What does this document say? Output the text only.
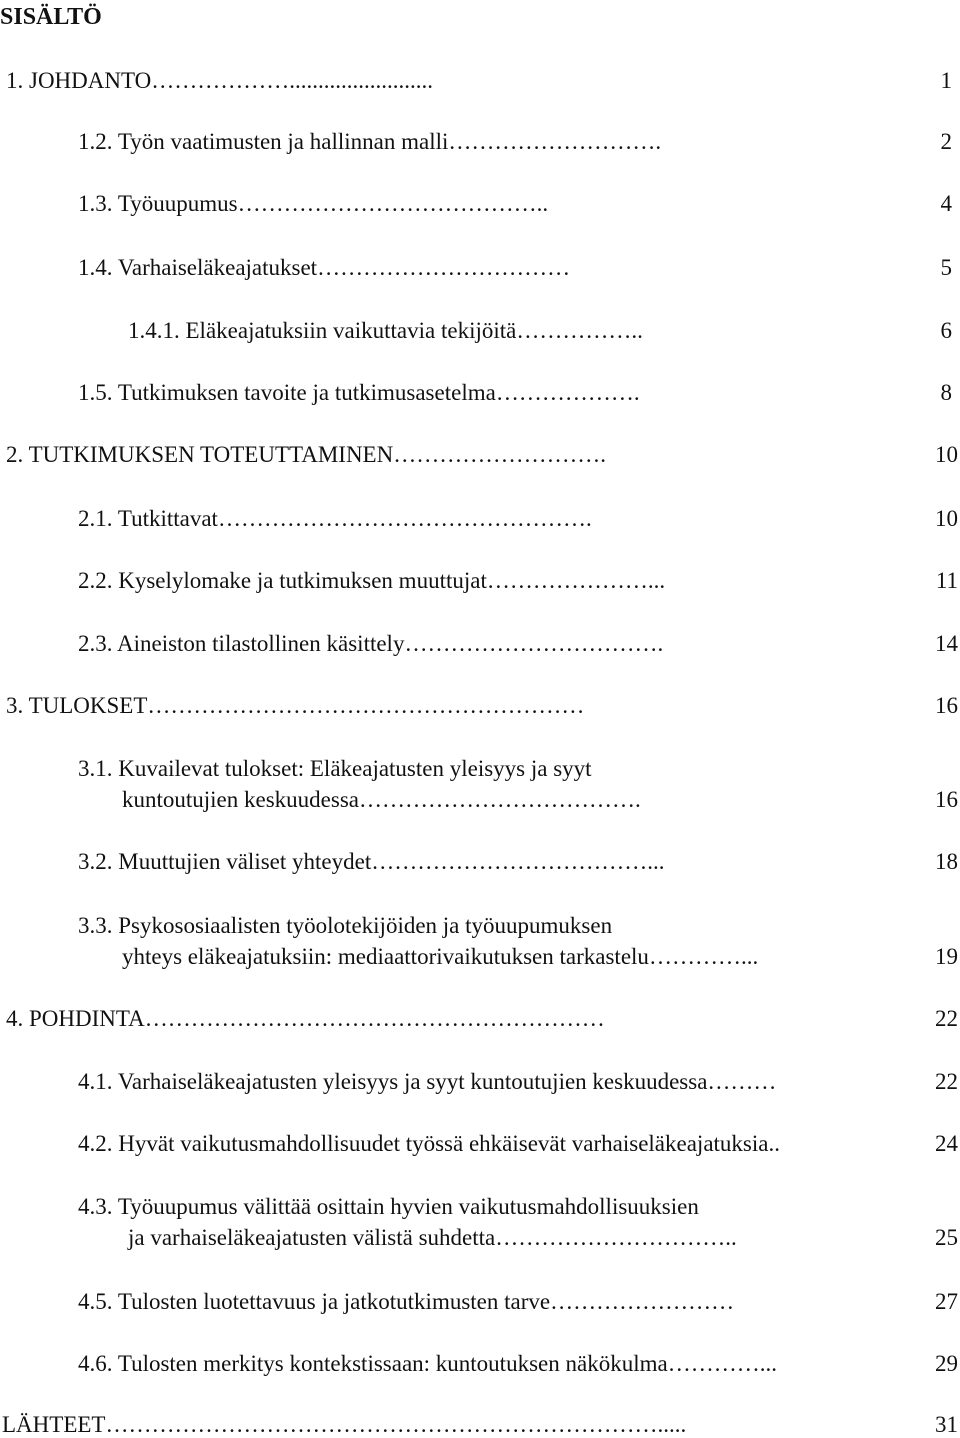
SISÄLTÖ
1. JOHDANTO……………….........................	1
1.2. Työn vaatimusten ja hallinnan malli……………………….	2
1.3. Työuupumus…………………………………..	4
1.4. Varhaiseläkeajatukset……………………………	5
1.4.1. Eläkeajatuksiin vaikuttavia tekijöitä……………..	6
1.5. Tutkimuksen tavoite ja tutkimusasetelma……………….	8
2. TUTKIMUKSEN TOTEUTTAMINEN……………………….	10
2.1. Tutkittavat………………………………………….	10
2.2. Kyselylomake ja tutkimuksen muuttujat…………………...	11
2.3. Aineiston tilastollinen käsittely…………………………….	14
3. TULOKSET…………………………………………………	16
3.1. Kuvailevat tulokset: Eläkeajatusten yleisyys ja syyt
kuntoutujien keskuudessa……………………………….	16
3.2. Muuttujien väliset yhteydet………………………………...	18
3.3. Psykososiaalisten työolotekijöiden ja työuupumuksen
yhteys eläkeajatuksiin: mediaattorivaikutuksen tarkastelu…………...	19
4. POHDINTA……………………………………………………	22
4.1. Varhaiseläkeajatusten yleisyys ja syyt kuntoutujien keskuudessa………	22
4.2. Hyvät vaikutusmahdollisuudet työssä ehkäisevät varhaiseläkeajatuksia..	24
4.3. Työuupumus välittää osittain hyvien vaikutusmahdollisuuksien
ja varhaiseläkeajatusten välistä suhdetta…………………………..	25
4.5. Tulosten luotettavuus ja jatkotutkimusten tarve……………………	27
4.6. Tulosten merkitys kontekstissaan: kuntoutuksen näkökulma…………...	29
LÄHTEET……………………………………………………………….....	31
